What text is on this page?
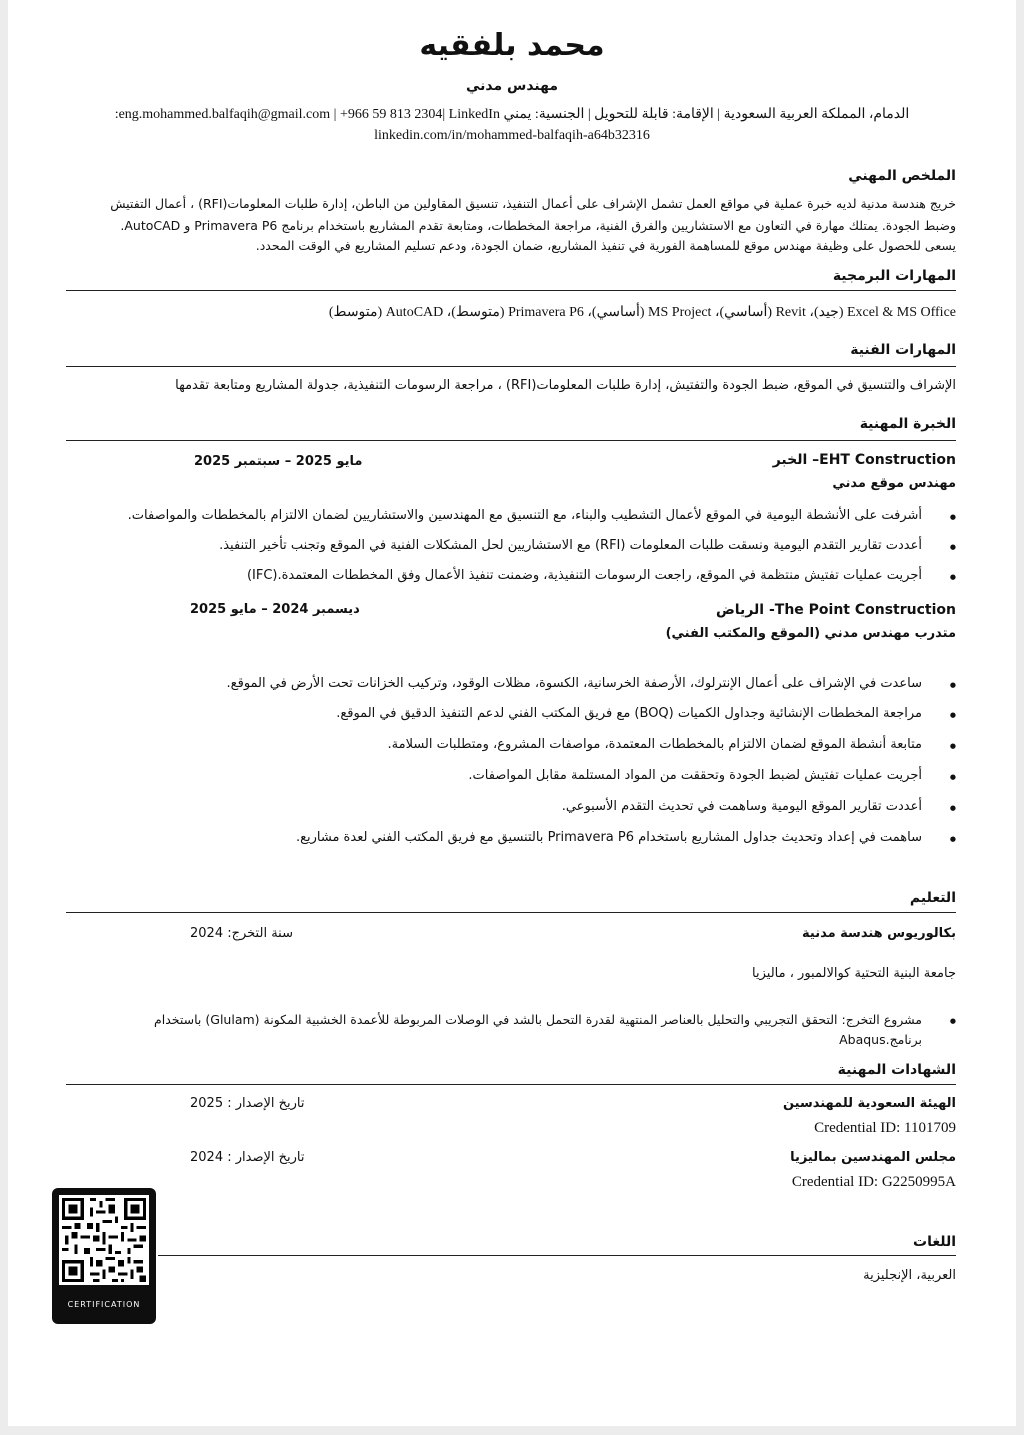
محمد بلفقيه
مهندس مدني
الدمام، المملكة العربية السعودية | الإقامة: قابلة للتحويل | الجنسية: يمني eng.mohammed.balfaqih@gmail.com | +966 59 813 2304| LinkedIn:
linkedin.com/in/mohammed-balfaqih-a64b32316
الملخص المهني
خريج هندسة مدنية لديه خبرة عملية في مواقع العمل تشمل الإشراف على أعمال التنفيذ، تنسيق المقاولين من الباطن، إدارة طلبات المعلومات(RFI) ، أعمال التفتيش
وضبط الجودة. يمتلك مهارة في التعاون مع الاستشاريين والفرق الفنية، مراجعة المخططات، ومتابعة تقدم المشاريع باستخدام برنامج Primavera P6 و AutoCAD.
يسعى للحصول على وظيفة مهندس موقع للمساهمة الفورية في تنفيذ المشاريع، ضمان الجودة، ودعم تسليم المشاريع في الوقت المحدد.
المهارات البرمجية
Excel & MS Office (جيد)، Revit (أساسي)، MS Project (أساسي)، Primavera P6 (متوسط)، AutoCAD (متوسط)
المهارات الفنية
الإشراف والتنسيق في الموقع، ضبط الجودة والتفتيش، إدارة طلبات المعلومات(RFI) ، مراجعة الرسومات التنفيذية، جدولة المشاريع ومتابعة تقدمها
الخبرة المهنية
EHT Construction– الخبر
مايو 2025 – سبتمبر 2025
مهندس موقع مدني
أشرفت على الأنشطة اليومية في الموقع لأعمال التشطيب والبناء، مع التنسيق مع المهندسين والاستشاريين لضمان الالتزام بالمخططات والمواصفات. ●
أعددت تقارير التقدم اليومية ونسقت طلبات المعلومات (RFI) مع الاستشاريين لحل المشكلات الفنية في الموقع وتجنب تأخير التنفيذ. ●
أجريت عمليات تفتيش منتظمة في الموقع، راجعت الرسومات التنفيذية، وضمنت تنفيذ الأعمال وفق المخططات المعتمدة.(IFC) ●
The Point Construction- الرياض
ديسمبر 2024 – مايو 2025
متدرب مهندس مدني (الموقع والمكتب الفني)
ساعدت في الإشراف على أعمال الإنترلوك، الأرصفة الخرسانية، الكسوة، مظلات الوقود، وتركيب الخزانات تحت الأرض في الموقع. ●
مراجعة المخططات الإنشائية وجداول الكميات (BOQ) مع فريق المكتب الفني لدعم التنفيذ الدقيق في الموقع. ●
متابعة أنشطة الموقع لضمان الالتزام بالمخططات المعتمدة، مواصفات المشروع، ومتطلبات السلامة. ●
أجريت عمليات تفتيش لضبط الجودة وتحققت من المواد المستلمة مقابل المواصفات. ●
أعددت تقارير الموقع اليومية وساهمت في تحديث التقدم الأسبوعي. ●
ساهمت في إعداد وتحديث جداول المشاريع باستخدام Primavera P6 بالتنسيق مع فريق المكتب الفني لعدة مشاريع. ●
التعليم
بكالوريوس هندسة مدنية
سنة التخرج: 2024
جامعة البنية التحتية كوالالمبور ، ماليزيا
مشروع التخرج: التحقق التجريبي والتحليل بالعناصر المنتهية لقدرة التحمل بالشد في الوصلات المربوطة للأعمدة الخشبية المكونة (Glulam) باستخدام ●
برنامج.Abaqus
الشهادات المهنية
الهيئة السعودية للمهندسين
تاريخ الإصدار : 2025
Credential ID: 1101709
مجلس المهندسين بماليزيا
تاريخ الإصدار : 2024
Credential ID: G2250995A
اللغات
العربية، الإنجليزية
CERTIFICATION
